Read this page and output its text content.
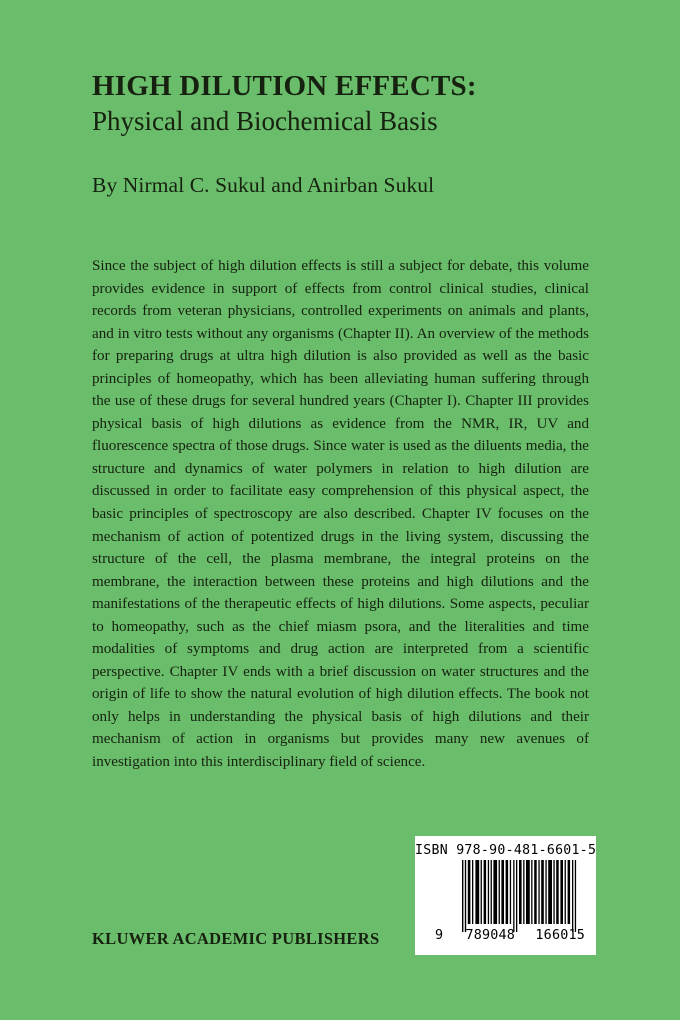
HIGH DILUTION EFFECTS:
Physical and Biochemical Basis
By Nirmal C. Sukul and Anirban Sukul

Since the subject of high dilution effects is still a subject for debate, this volume provides evidence in support of effects from control clinical studies, clinical records from veteran physicians, controlled experiments on animals and plants, and in vitro tests without any organisms (Chapter II). An overview of the methods for preparing drugs at ultra high dilution is also provided as well as the basic principles of homeopathy, which has been alleviating human suffering through the use of these drugs for several hundred years (Chapter I). Chapter III provides physical basis of high dilutions as evidence from the NMR, IR, UV and fluorescence spectra of those drugs. Since water is used as the diluents media, the structure and dynamics of water polymers in relation to high dilution are discussed in order to facilitate easy comprehension of this physical aspect, the basic principles of spectroscopy are also described. Chapter IV focuses on the mechanism of action of potentized drugs in the living system, discussing the structure of the cell, the plasma membrane, the integral proteins on the membrane, the interaction between these proteins and high dilutions and the manifestations of the therapeutic effects of high dilutions. Some aspects, peculiar to homeopathy, such as the chief miasm psora, and the literalities and time modalities of symptoms and drug action are interpreted from a scientific perspective. Chapter IV ends with a brief discussion on water structures and the origin of life to show the natural evolution of high dilution effects. The book not only helps in understanding the physical basis of high dilutions and their mechanism of action in organisms but provides many new avenues of investigation into this interdisciplinary field of science.

KLUWER ACADEMIC PUBLISHERS
ISBN 978-90-481-6601-5
9 789048 166015
